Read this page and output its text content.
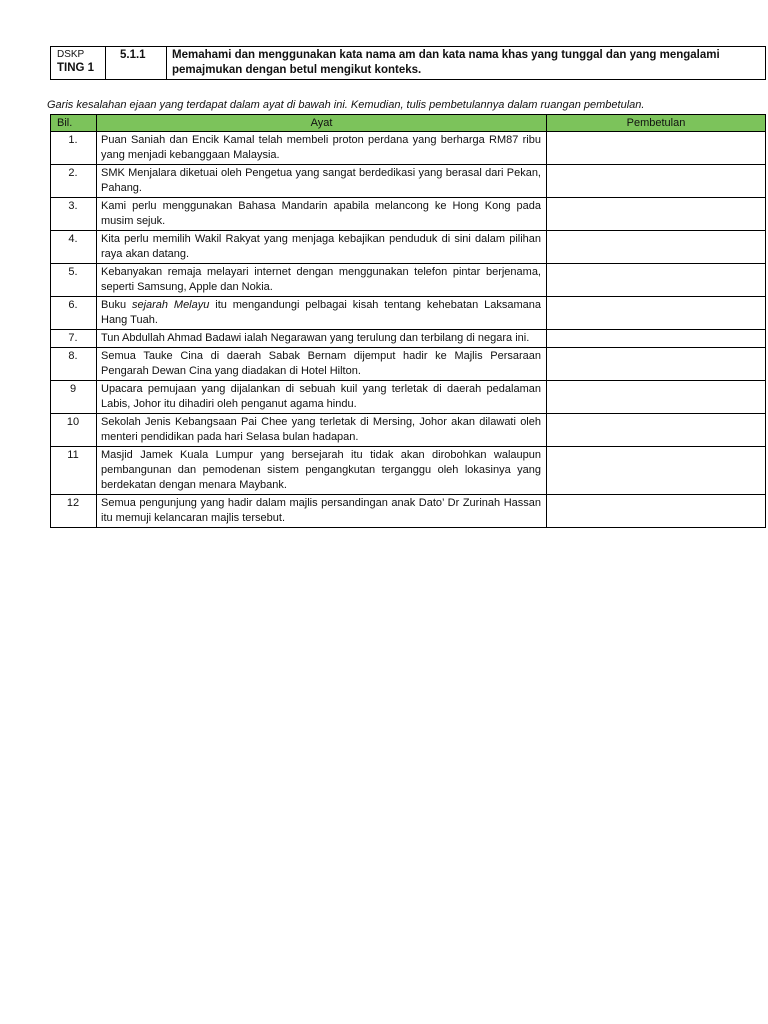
DSKP
TING 1
	5.1.1	Memahami dan menggunakan kata nama am dan kata nama khas yang tunggal dan yang mengalami pemajmukan dengan betul mengikut konteks.
Garis kesalahan ejaan yang terdapat dalam ayat di bawah ini. Kemudian, tulis pembetulannya dalam ruangan pembetulan.
Bil.	Ayat	Pembetulan
1.	Puan Saniah dan Encik Kamal telah membeli proton perdana yang berharga RM87 ribu yang menjadi kebanggaan Malaysia.	
2.	SMK Menjalara diketuai oleh Pengetua yang sangat berdedikasi yang berasal dari Pekan, Pahang.	
3.	Kami perlu menggunakan Bahasa Mandarin apabila melancong ke Hong Kong pada musim sejuk.	
4.	Kita perlu memilih Wakil Rakyat yang menjaga kebajikan penduduk di sini dalam pilihan raya akan datang.	
5.	Kebanyakan remaja melayari internet dengan menggunakan telefon pintar berjenama, seperti Samsung, Apple dan Nokia.	
6.	Buku sejarah Melayu itu mengandungi pelbagai kisah tentang kehebatan Laksamana Hang Tuah.	
7.	Tun Abdullah Ahmad Badawi ialah Negarawan yang terulung dan terbilang di negara ini.	
8.	Semua Tauke Cina di daerah Sabak Bernam dijemput hadir ke Majlis Persaraan Pengarah Dewan Cina yang diadakan di Hotel Hilton.	
9	Upacara pemujaan yang dijalankan di sebuah kuil yang terletak di daerah pedalaman Labis, Johor itu dihadiri oleh penganut agama hindu.	
10	Sekolah Jenis Kebangsaan Pai Chee yang terletak di Mersing, Johor akan dilawati oleh menteri pendidikan pada hari Selasa bulan hadapan.	
11	Masjid Jamek Kuala Lumpur yang bersejarah itu tidak akan dirobohkan walaupun pembangunan dan pemodenan sistem pengangkutan terganggu oleh lokasinya yang berdekatan dengan menara Maybank.	
12	Semua pengunjung yang hadir dalam majlis persandingan anak Dato’ Dr Zurinah Hassan itu memuji kelancaran majlis tersebut.	
